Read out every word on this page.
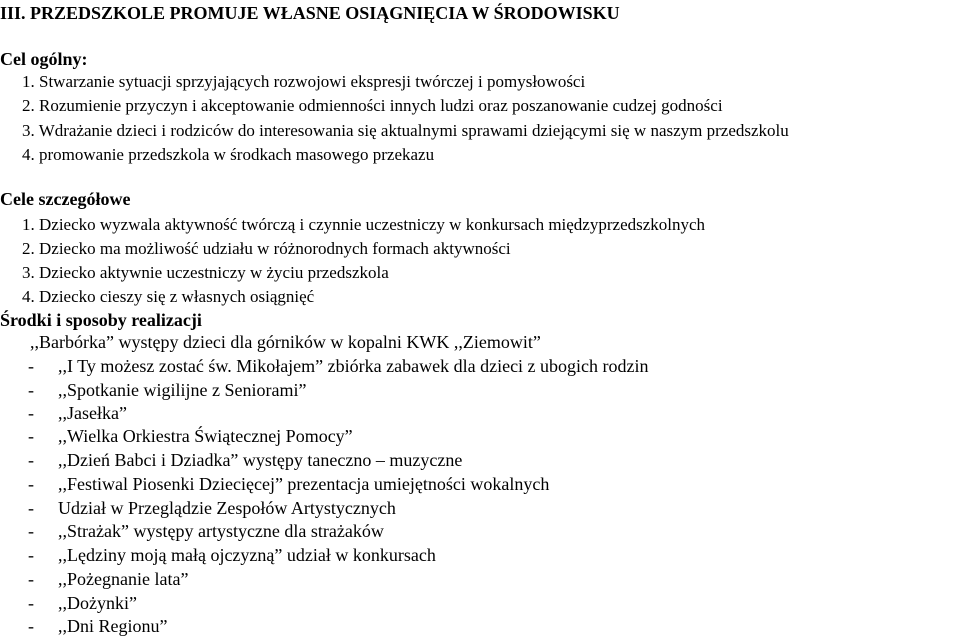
III. PRZEDSZKOLE PROMUJE WŁASNE OSIĄGNIĘCIA W ŚRODOWISKU
Cel ogólny:
1. Stwarzanie sytuacji sprzyjających rozwojowi ekspresji twórczej i pomysłowości
2. Rozumienie przyczyn i akceptowanie odmienności innych ludzi oraz poszanowanie cudzej godności
3. Wdrażanie dzieci i rodziców do interesowania się aktualnymi sprawami dziejącymi się w naszym przedszkolu
4. promowanie przedszkola w środkach masowego przekazu
Cele szczegółowe
1. Dziecko wyzwala aktywność twórczą i czynnie uczestniczy w konkursach międzyprzedszkolnych
2. Dziecko ma możliwość udziału w różnorodnych formach aktywności
3. Dziecko aktywnie uczestniczy w życiu przedszkola
4. Dziecko cieszy się z własnych osiągnięć
Środki i sposoby realizacji
,,Barbórka” występy dzieci dla górników w kopalni KWK ,,Ziemowit”
- ,,I Ty możesz zostać św. Mikołajem” zbiórka zabawek dla dzieci z ubogich rodzin
- ,,Spotkanie wigilijne z Seniorami”
- ,,Jasełka”
- ,,Wielka Orkiestra Świątecznej Pomocy”
- ,,Dzień Babci i Dziadka” występy taneczno – muzyczne
- ,,Festiwal Piosenki Dziecięcej” prezentacja umiejętności wokalnych
- Udział w Przeglądzie Zespołów Artystycznych
- ,,Strażak” występy artystyczne dla strażaków
- ,,Lędziny moją małą ojczyzną” udział w konkursach
- ,,Pożegnanie lata”
- ,,Dożynki”
- ,,Dni Regionu”
